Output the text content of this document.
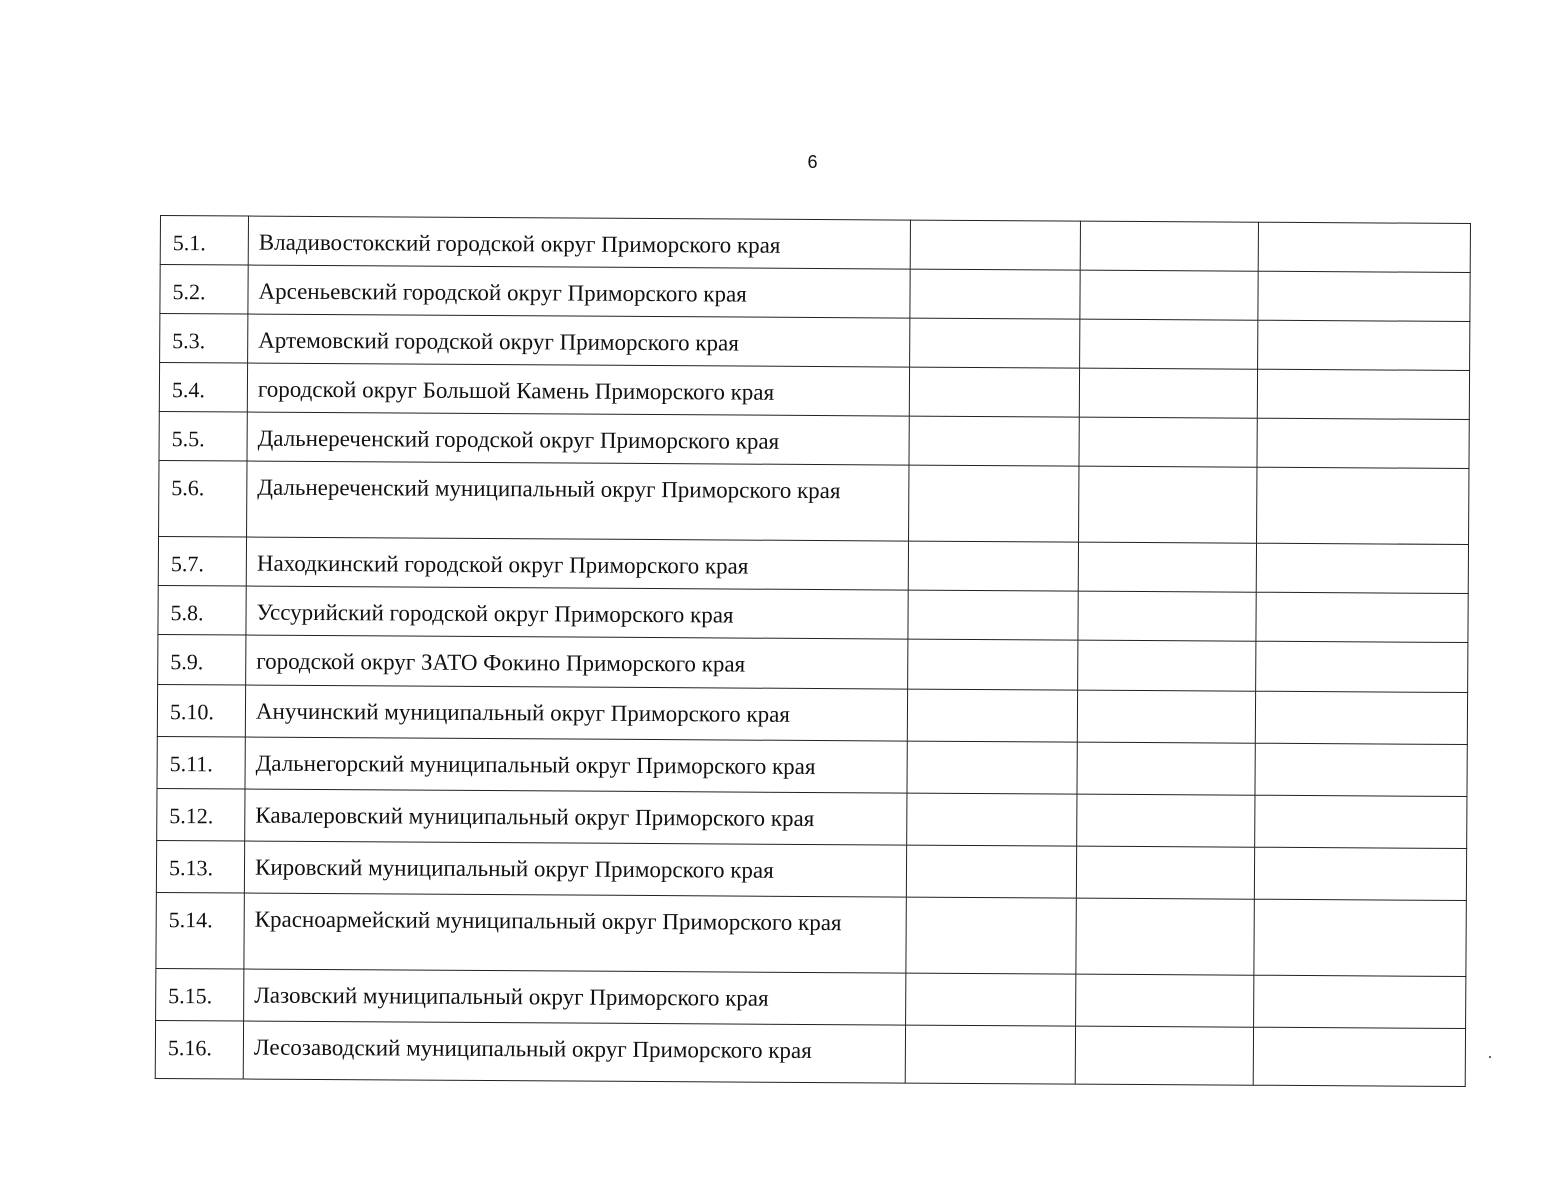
6
5.1.	Владивостокский городской округ Приморского края			

5.2.	Арсеньевский городской округ Приморского края			

5.3.	Артемовский городской округ Приморского края			

5.4.	городской округ Большой Камень Приморского края			

5.5.	Дальнереченский городской округ Приморского края			

5.6.	Дальнереченский муниципальный округ Приморского края			

5.7.	Находкинский городской округ Приморского края			

5.8.	Уссурийский городской округ Приморского края			

5.9.	городской округ ЗАТО Фокино Приморского края			

5.10.	Анучинский муниципальный округ Приморского края			

5.11.	Дальнегорский муниципальный округ Приморского края			

5.12.	Кавалеровский муниципальный округ Приморского края			

5.13.	Кировский муниципальный округ Приморского края			

5.14.	Красноармейский муниципальный округ Приморского края			

5.15.	Лазовский муниципальный округ Приморского края			

5.16.	Лесозаводский муниципальный округ Приморского края			
